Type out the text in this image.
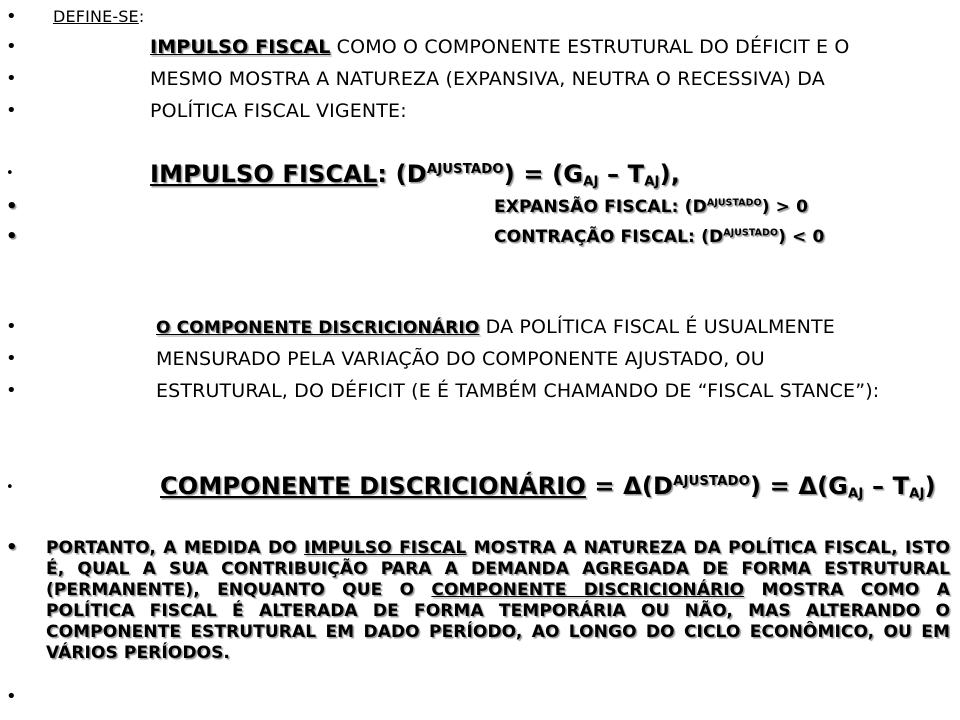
• DEFINE-SE:
•	IMPULSO FISCAL COMO O COMPONENTE ESTRUTURAL DO DÉFICIT E O
•	MESMO MOSTRA A NATUREZA (EXPANSIVA, NEUTRA O RECESSIVA) DA
•	POLÍTICA FISCAL VIGENTE:
•	IMPULSO FISCAL: $(D^{AJUSTADO}) = (G_{AJ} - T_{AJ})$,
•	EXPANSÃO FISCAL: $(D^{AJUSTADO}) > 0$
•	CONTRAÇÃO FISCAL: $(D^{AJUSTADO}) < 0$
•	O COMPONENTE DISCRICIONÁRIO DA POLÍTICA FISCAL É USUALMENTE
•	MENSURADO PELA VARIAÇÃO DO COMPONENTE AJUSTADO, OU
•	ESTRUTURAL, DO DÉFICIT (E É TAMBÉM CHAMANDO DE “FISCAL STANCE”):
•	COMPONENTE DISCRICIONÁRIO = $\Delta(D^{AJUSTADO}) = \Delta(G_{AJ} - T_{AJ})$
• PORTANTO, A MEDIDA DO IMPULSO FISCAL MOSTRA A NATUREZA DA POLÍTICA FISCAL, ISTO É, QUAL A SUA CONTRIBUIÇÃO PARA A DEMANDA AGREGADA DE FORMA ESTRUTURAL (PERMANENTE), ENQUANTO QUE O COMPONENTE DISCRICIONÁRIO MOSTRA COMO A POLÍTICA FISCAL É ALTERADA DE FORMA TEMPORÁRIA OU NÃO, MAS ALTERANDO O COMPONENTE ESTRUTURAL EM DADO PERÍODO, AO LONGO DO CICLO ECONÔMICO, OU EM VÁRIOS PERÍODOS.
•
